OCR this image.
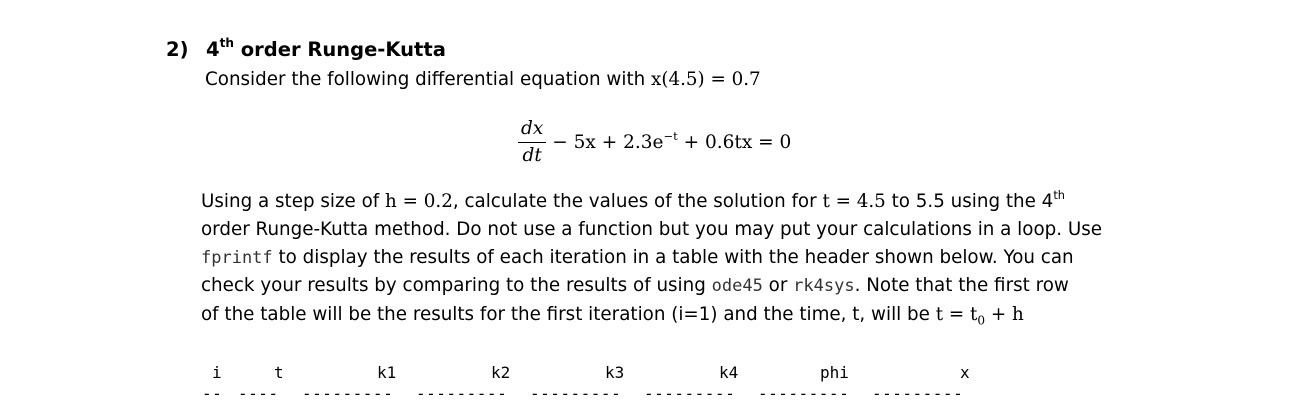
2) 4th order Runge-Kutta
Consider the following differential equation with x(4.5) = 0.7
$\frac{dx}{dt} - 5x + 2.3e^{-t} + 0.6tx = 0$
Using a step size of h = 0.2, calculate the values of the solution for t = 4.5 to 5.5 using the 4th
order Runge-Kutta method. Do not use a function but you may put your calculations in a loop. Use
fprintf to display the results of each iteration in a table with the header shown below. You can
check your results by comparing to the results of using ode45 or rk4sys. Note that the first row
of the table will be the results for the first iteration (i=1) and the time, t, will be $t = t_0 + h$
i	t	k1	k2	k3	k4	phi	x
-- ---- --------- --------- --------- --------- --------- ---------
